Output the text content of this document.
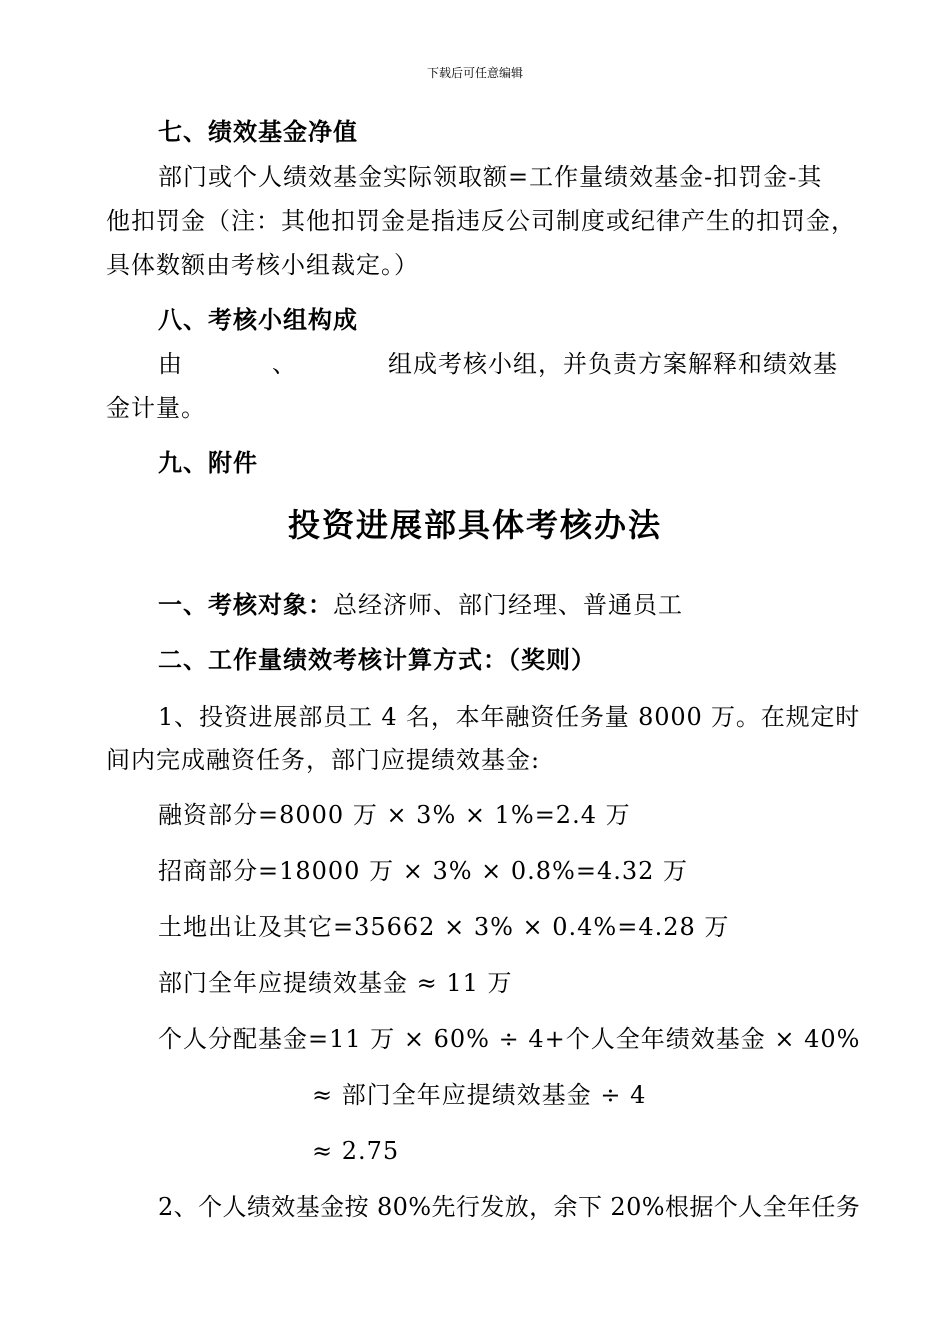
下载后可任意编辑
七、绩效基金净值
部门或个人绩效基金实际领取额=工作量绩效基金-扣罚金-其
他扣罚金（注：其他扣罚金是指违反公司制度或纪律产生的扣罚金，
具体数额由考核小组裁定。）
八、考核小组构成
由	、	组成考核小组，并负责方案解释和绩效基
金计量。
九、附件
投资进展部具体考核办法
一、考核对象：总经济师、部门经理、普通员工
二、工作量绩效考核计算方式：（奖则）
1、投资进展部员工 4 名，本年融资任务量 8000 万。在规定时
间内完成融资任务，部门应提绩效基金:
融资部分=8000 万 × 3% × 1%=2.4 万
招商部分=18000 万 × 3% × 0.8%=4.32 万
土地出让及其它=35662 × 3% × 0.4%=4.28 万
部门全年应提绩效基金 ≈ 11 万
个人分配基金=11 万 × 60% ÷ 4+个人全年绩效基金 × 40%
≈ 部门全年应提绩效基金 ÷ 4
≈ 2.75
2、个人绩效基金按 80%先行发放，余下 20%根据个人全年任务
